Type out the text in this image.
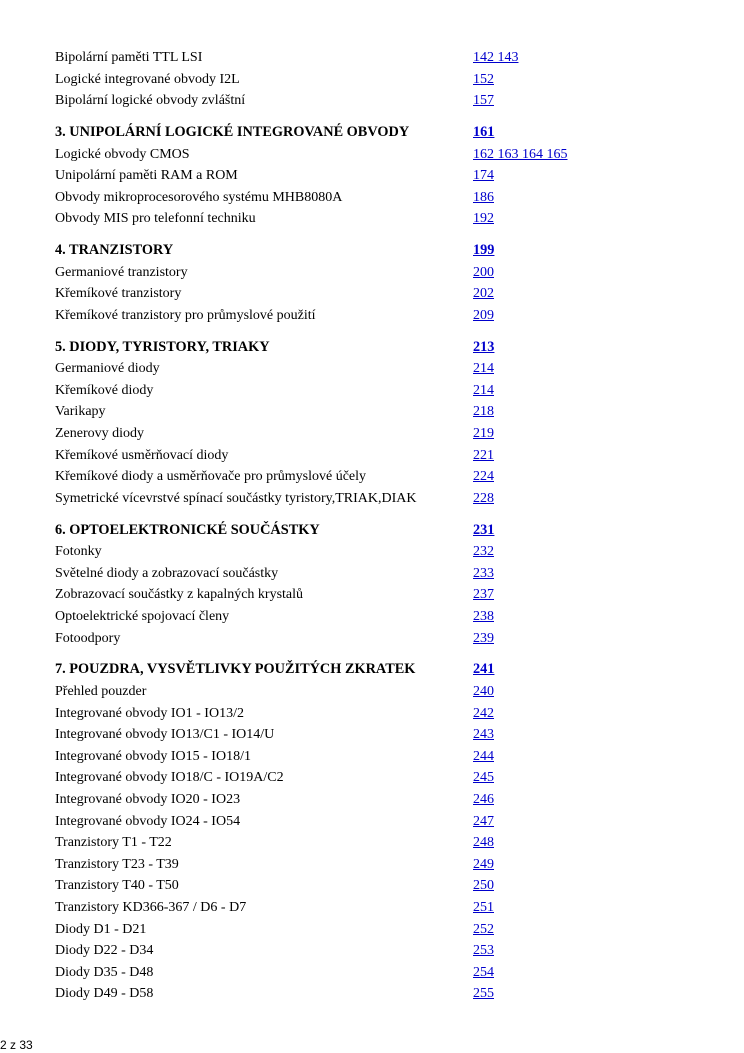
Bipolární paměti TTL LSI	142 143
Logické integrované obvody I2L	152
Bipolární logické obvody zvláštní	157
3. UNIPOLÁRNÍ LOGICKÉ INTEGROVANÉ OBVODY	161
Logické obvody CMOS	162 163 164 165
Unipolární paměti RAM a ROM	174
Obvody mikroprocesorového systému MHB8080A	186
Obvody MIS pro telefonní techniku	192
4. TRANZISTORY	199
Germaniové tranzistory	200
Křemíkové tranzistory	202
Křemíkové tranzistory pro průmyslové použití	209
5. DIODY, TYRISTORY, TRIAKY	213
Germaniové diody	214
Křemíkové diody	214
Varikapy	218
Zenerovy diody	219
Křemíkové usměrňovací diody	221
Křemíkové diody a usměrňovače pro průmyslové účely	224
Symetrické vícevrstvé spínací součástky tyristory,TRIAK,DIAK	228
6. OPTOELEKTRONICKÉ SOUČÁSTKY	231
Fotonky	232
Světelné diody a zobrazovací součástky	233
Zobrazovací součástky z kapalných krystalů	237
Optoelektrické spojovací členy	238
Fotoodpory	239
7. POUZDRA, VYSVĚTLIVKY POUŽITÝCH ZKRATEK	241
Přehled pouzder	240
Integrované obvody IO1 - IO13/2	242
Integrované obvody IO13/C1 - IO14/U	243
Integrované obvody IO15 - IO18/1	244
Integrované obvody IO18/C - IO19A/C2	245
Integrované obvody IO20 - IO23	246
Integrované obvody IO24 - IO54	247
Tranzistory T1 - T22	248
Tranzistory T23 - T39	249
Tranzistory T40 - T50	250
Tranzistory KD366-367 / D6 - D7	251
Diody D1 - D21	252
Diody D22 - D34	253
Diody D35 - D48	254
Diody D49 - D58	255
2 z 33
